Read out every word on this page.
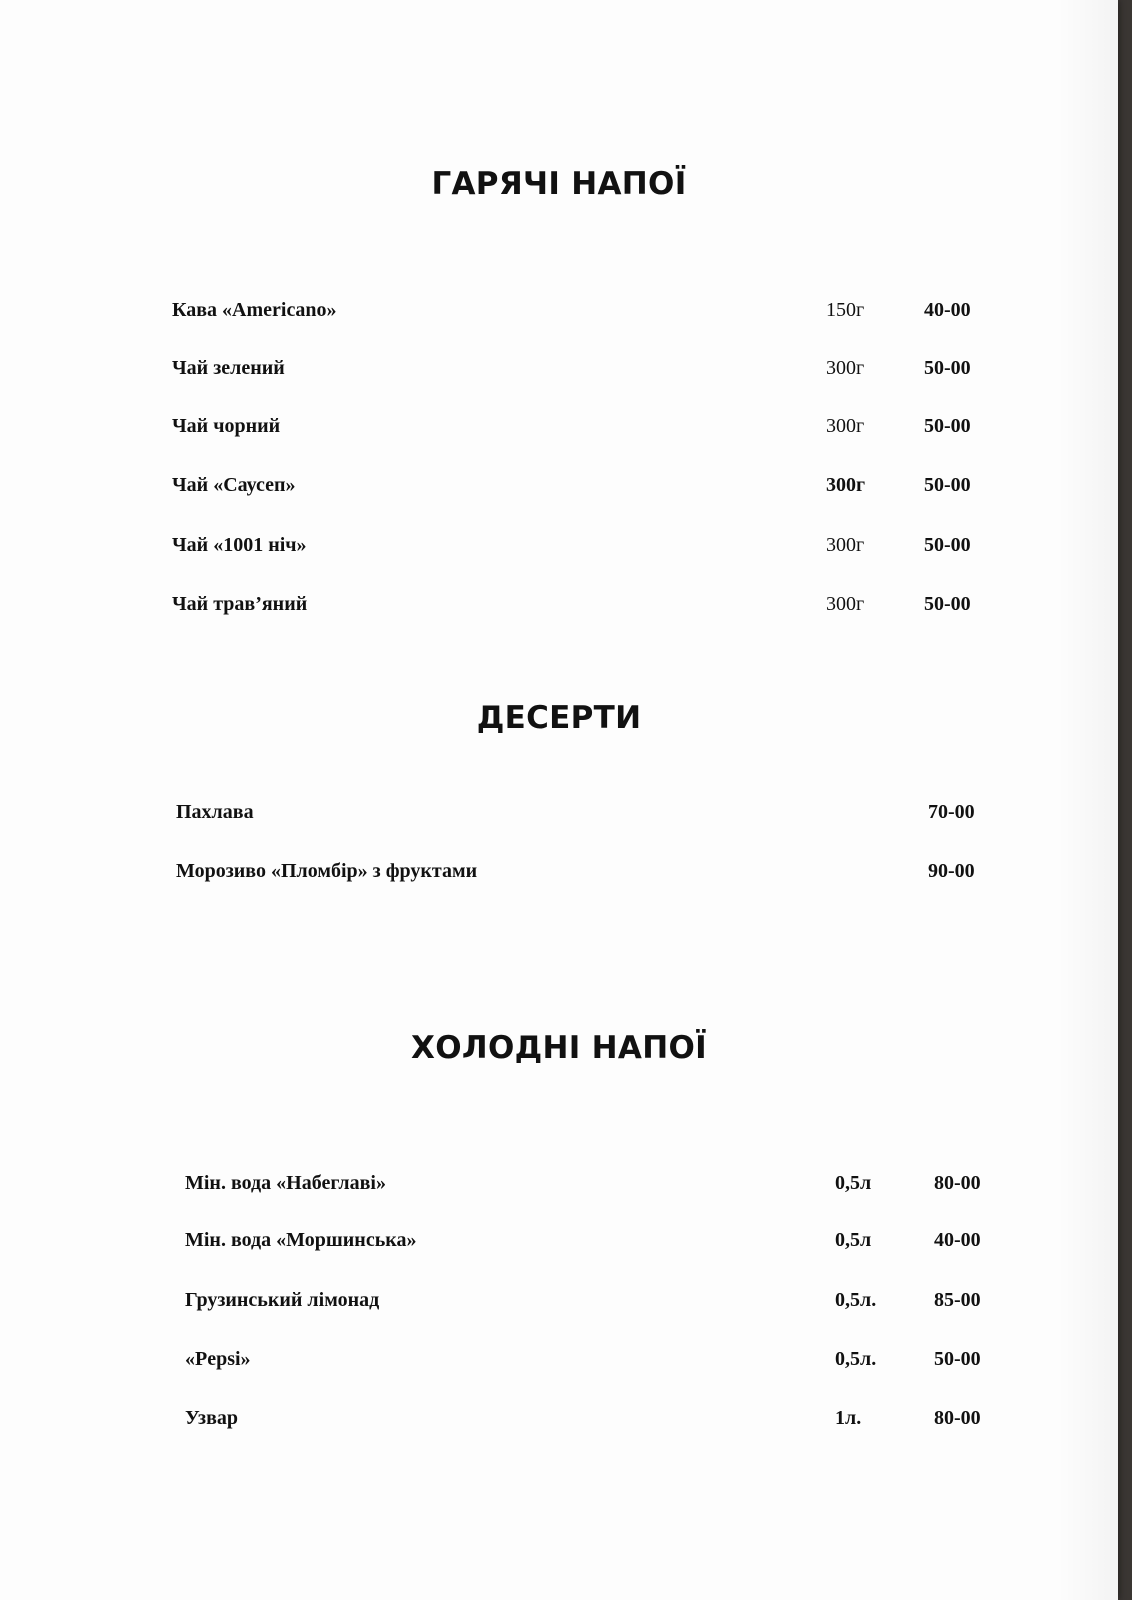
ГАРЯЧІ НАПОЇ
Кава «Americano»	150г	40-00
Чай зелений	300г	50-00
Чай чорний	300г	50-00
Чай «Саусеп»	300г	50-00
Чай «1001 ніч»	300г	50-00
Чай трав’яний	300г	50-00
ДЕСЕРТИ
Пахлава	70-00
Морозиво «Пломбір» з фруктами	90-00
ХОЛОДНІ НАПОЇ
Мін. вода «Набеглаві»	0,5л	80-00
Мін. вода «Моршинська»	0,5л	40-00
Грузинський лімонад	0,5л.	85-00
«Pepsi»	0,5л.	50-00
Узвар	1л.	80-00
